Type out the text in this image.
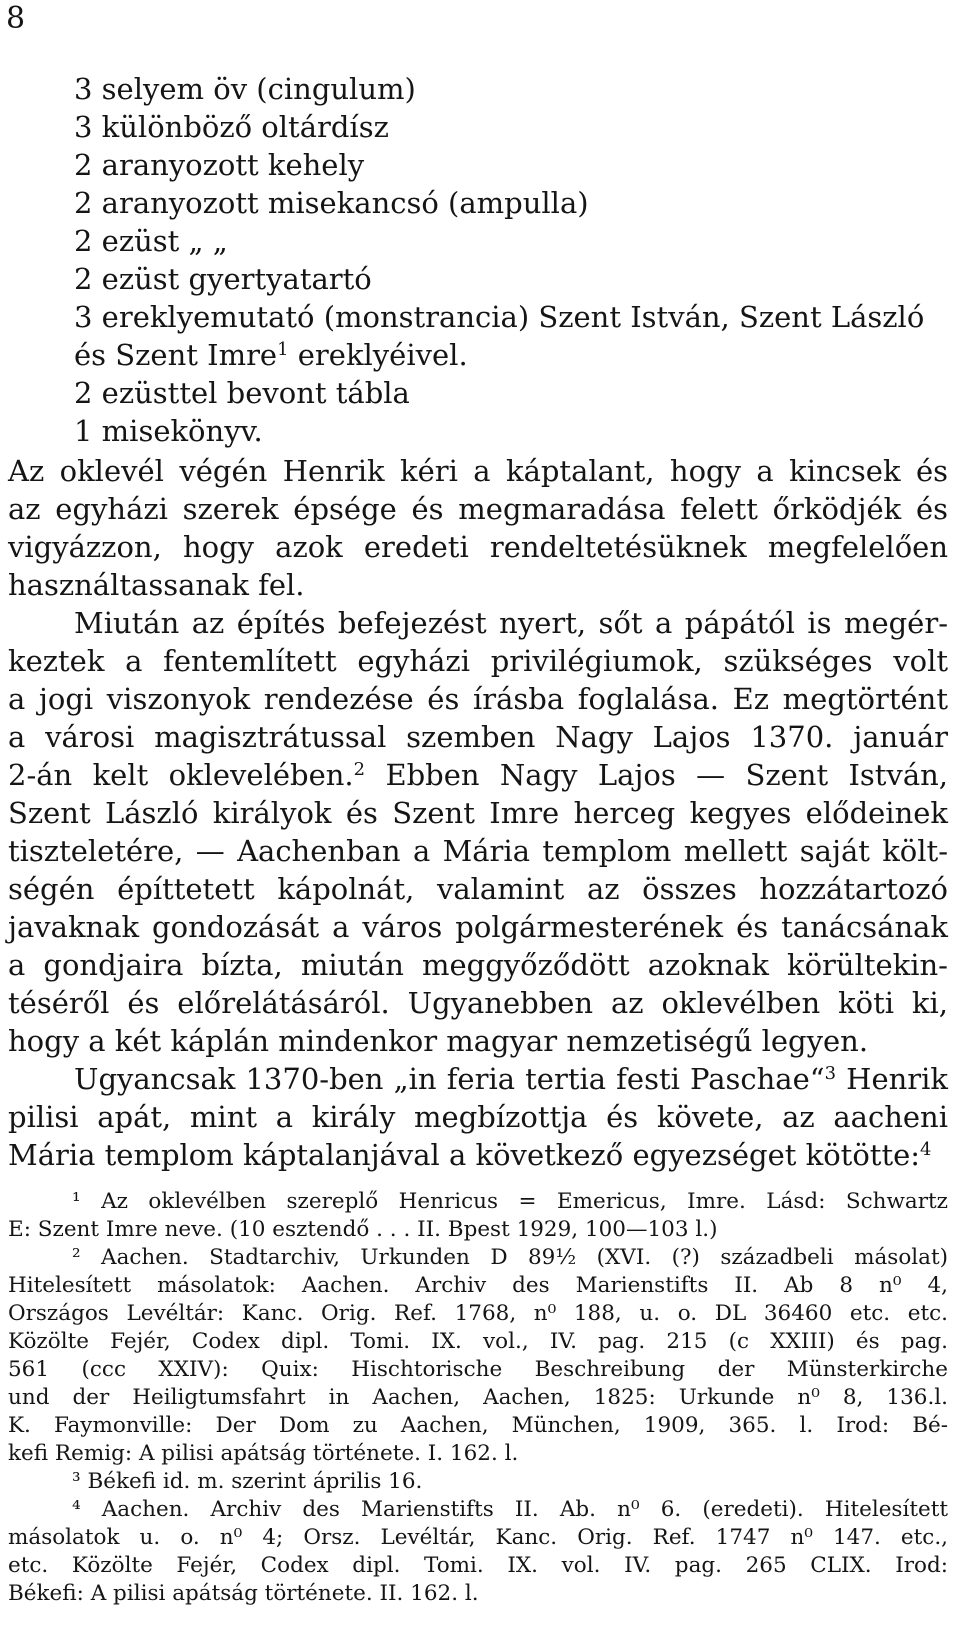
8
3 selyem öv (cingulum)
3 különböző oltárdísz
2 aranyozott kehely
2 aranyozott misekancsó (ampulla)
2 ezüst „ „
2 ezüst gyertyatartó
3 ereklyemutató (monstrancia) Szent István, Szent László
és Szent Imre$^1$ ereklyéivel.
2 ezüsttel bevont tábla
1 misekönyv.
Az oklevél végén Henrik kéri a káptalant, hogy a kincsek és
az egyházi szerek épsége és megmaradása felett őrködjék és
vigyázzon, hogy azok eredeti rendeltetésüknek megfelelően
használtassanak fel.
Miután az építés befejezést nyert, sőt a pápától is megér-
keztek a fentemlített egyházi privilégiumok, szükséges volt
a jogi viszonyok rendezése és írásba foglalása. Ez megtörtént
a városi magisztrátussal szemben Nagy Lajos 1370. január
2-án kelt oklevelében.$^2$ Ebben Nagy Lajos — Szent István,
Szent László királyok és Szent Imre herceg kegyes elődeinek
tiszteletére, — Aachenban a Mária templom mellett saját költ-
ségén építtetett kápolnát, valamint az összes hozzátartozó
javaknak gondozását a város polgármesterének és tanácsának
a gondjaira bízta, miután meggyőződött azoknak körültekin-
téséről és előrelátásáról. Ugyanebben az oklevélben köti ki,
hogy a két káplán mindenkor magyar nemzetiségű legyen.
Ugyancsak 1370-ben „in feria tertia festi Paschae“$^3$ Henrik
pilisi apát, mint a király megbízottja és követe, az aacheni
Mária templom káptalanjával a következő egyezséget kötötte:$^4$
¹ Az oklevélben szereplő Henricus = Emericus, Imre. Lásd: Schwartz
E: Szent Imre neve. (10 esztendő . . . II. Bpest 1929, 100—103 l.)
² Aachen. Stadtarchiv, Urkunden D 89½ (XVI. (?) századbeli másolat)
Hitelesített másolatok: Aachen. Archiv des Marienstifts II. Ab 8 n⁰ 4,
Országos Levéltár: Kanc. Orig. Ref. 1768, n⁰ 188, u. o. DL 36460 etc. etc.
Közölte Fejér, Codex dipl. Tomi. IX. vol., IV. pag. 215 (c XXIII) és pag.
561 (ccc XXIV): Quix: Hischtorische Beschreibung der Münsterkirche
und der Heiligtumsfahrt in Aachen, Aachen, 1825: Urkunde n⁰ 8, 136.l.
K. Faymonville: Der Dom zu Aachen, München, 1909, 365. l. Irod: Bé-
kefi Remig: A pilisi apátság története. I. 162. l.
³ Békefi id. m. szerint április 16.
⁴ Aachen. Archiv des Marienstifts II. Ab. n⁰ 6. (eredeti). Hitelesített
másolatok u. o. n⁰ 4; Orsz. Levéltár, Kanc. Orig. Ref. 1747 n⁰ 147. etc.,
etc. Közölte Fejér, Codex dipl. Tomi. IX. vol. IV. pag. 265 CLIX. Irod:
Békefi: A pilisi apátság története. II. 162. l.
